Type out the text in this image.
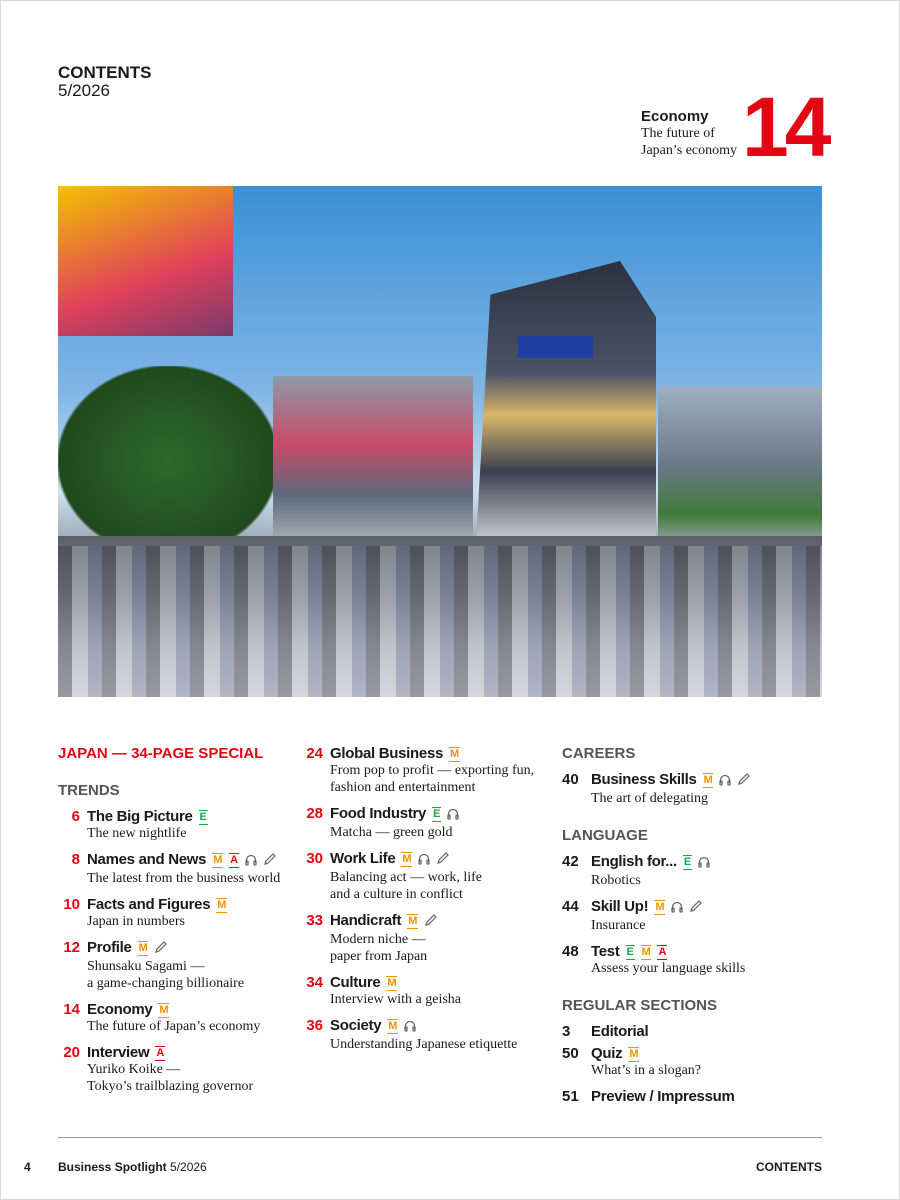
CONTENTS
5/2026
Economy
The future of
Japan’s economy 14
JAPAN — 34-PAGE SPECIAL
TRENDS
6 The Big Picture E
The new nightlife
8 Names and News M A
The latest from the business world
10 Facts and Figures M
Japan in numbers
12 Profile M
Shunsaku Sagami —
a game-changing billionaire
14 Economy M
The future of Japan’s economy
20 Interview A
Yuriko Koike —
Tokyo’s trailblazing governor
24 Global Business M
From pop to profit — exporting fun,
fashion and entertainment
28 Food Industry E
Matcha — green gold
30 Work Life M
Balancing act — work, life
and a culture in conflict
33 Handicraft M
Modern niche —
paper from Japan
34 Culture M
Interview with a geisha
36 Society M
Understanding Japanese etiquette
CAREERS
40 Business Skills M
The art of delegating
LANGUAGE
42 English for... E
Robotics
44 Skill Up! M
Insurance
48 Test E M A
Assess your language skills
REGULAR SECTIONS
3	Editorial
50 Quiz M
What’s in a slogan?
51 Preview / Impressum
4 Business Spotlight 5/2026	CONTENTS
